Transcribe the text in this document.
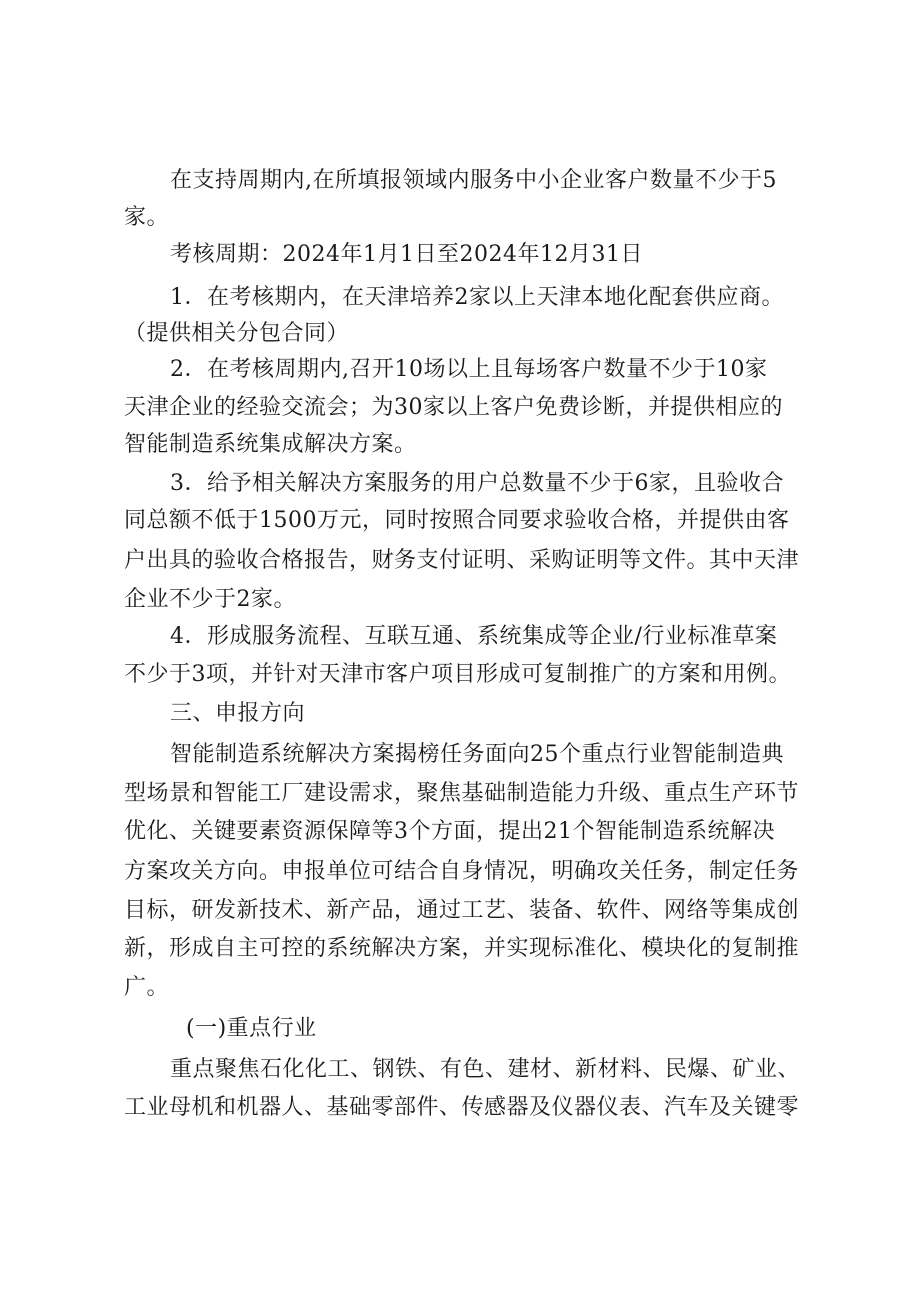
在支持周期内,在所填报领域内服务中小企业客户数量不少于5
家。
考核周期：2024年1月1日至2024年12月31日
1．在考核期内，在天津培养2家以上天津本地化配套供应商。
（提供相关分包合同）
2．在考核周期内,召开10场以上且每场客户数量不少于10家
天津企业的经验交流会；为30家以上客户免费诊断，并提供相应的
智能制造系统集成解决方案。
3．给予相关解决方案服务的用户总数量不少于6家，且验收合
同总额不低于1500万元，同时按照合同要求验收合格，并提供由客
户出具的验收合格报告，财务支付证明、采购证明等文件。其中天津
企业不少于2家。
4．形成服务流程、互联互通、系统集成等企业/行业标准草案
不少于3项，并针对天津市客户项目形成可复制推广的方案和用例。
三、申报方向
智能制造系统解决方案揭榜任务面向25个重点行业智能制造典
型场景和智能工厂建设需求，聚焦基础制造能力升级、重点生产环节
优化、关键要素资源保障等3个方面，提出21个智能制造系统解决
方案攻关方向。申报单位可结合自身情况，明确攻关任务，制定任务
目标，研发新技术、新产品，通过工艺、装备、软件、网络等集成创
新，形成自主可控的系统解决方案，并实现标准化、模块化的复制推
广。
(一)重点行业
重点聚焦石化化工、钢铁、有色、建材、新材料、民爆、矿业、
工业母机和机器人、基础零部件、传感器及仪器仪表、汽车及关键零
